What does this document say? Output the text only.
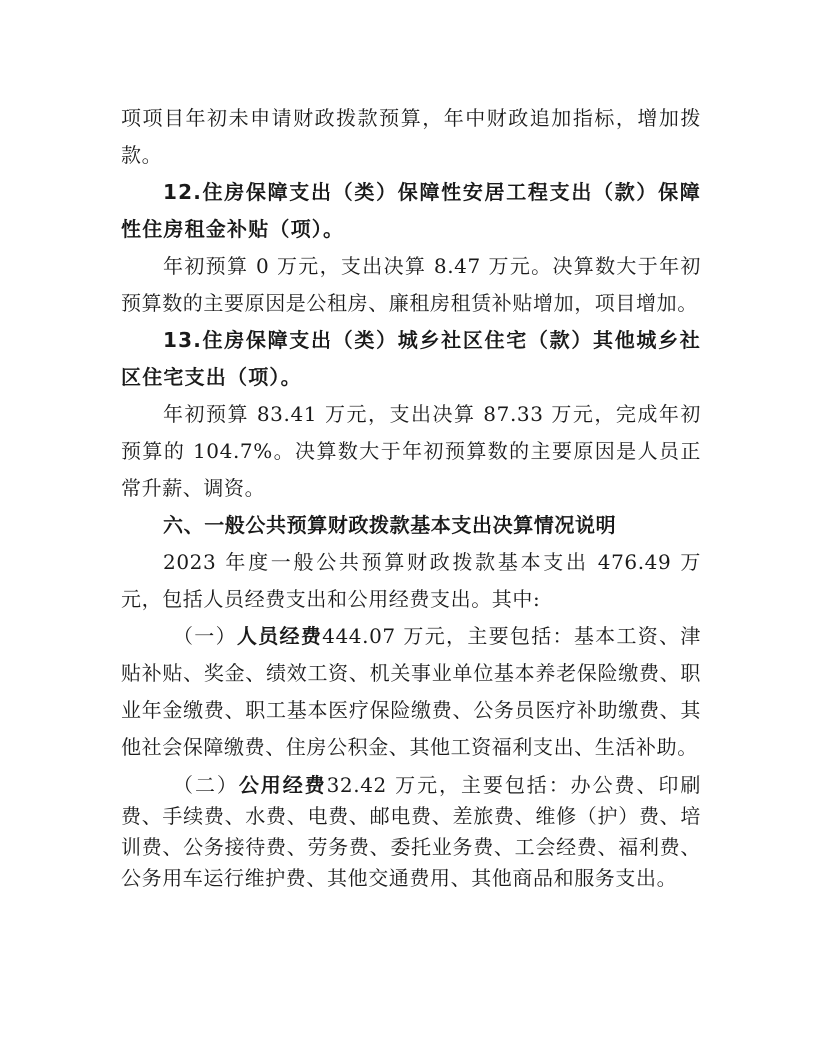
项项目年初未申请财政拨款预算，年中财政追加指标，增加拨款。

12.住房保障支出（类）保障性安居工程支出（款）保障性住房租金补贴（项）。

年初预算 0 万元，支出决算 8.47 万元。决算数大于年初预算数的主要原因是公租房、廉租房租赁补贴增加，项目增加。

13.住房保障支出（类）城乡社区住宅（款）其他城乡社区住宅支出（项）。

年初预算 83.41 万元，支出决算 87.33 万元，完成年初预算的 104.7%。决算数大于年初预算数的主要原因是人员正常升薪、调资。

六、一般公共预算财政拨款基本支出决算情况说明

2023 年度一般公共预算财政拨款基本支出 476.49 万元，包括人员经费支出和公用经费支出。其中:

（一）人员经费444.07 万元，主要包括：基本工资、津贴补贴、奖金、绩效工资、机关事业单位基本养老保险缴费、职业年金缴费、职工基本医疗保险缴费、公务员医疗补助缴费、其他社会保障缴费、住房公积金、其他工资福利支出、生活补助。

（二）公用经费32.42 万元，主要包括：办公费、印刷费、手续费、水费、电费、邮电费、差旅费、维修（护）费、培训费、公务接待费、劳务费、委托业务费、工会经费、福利费、公务用车运行维护费、其他交通费用、其他商品和服务支出。
